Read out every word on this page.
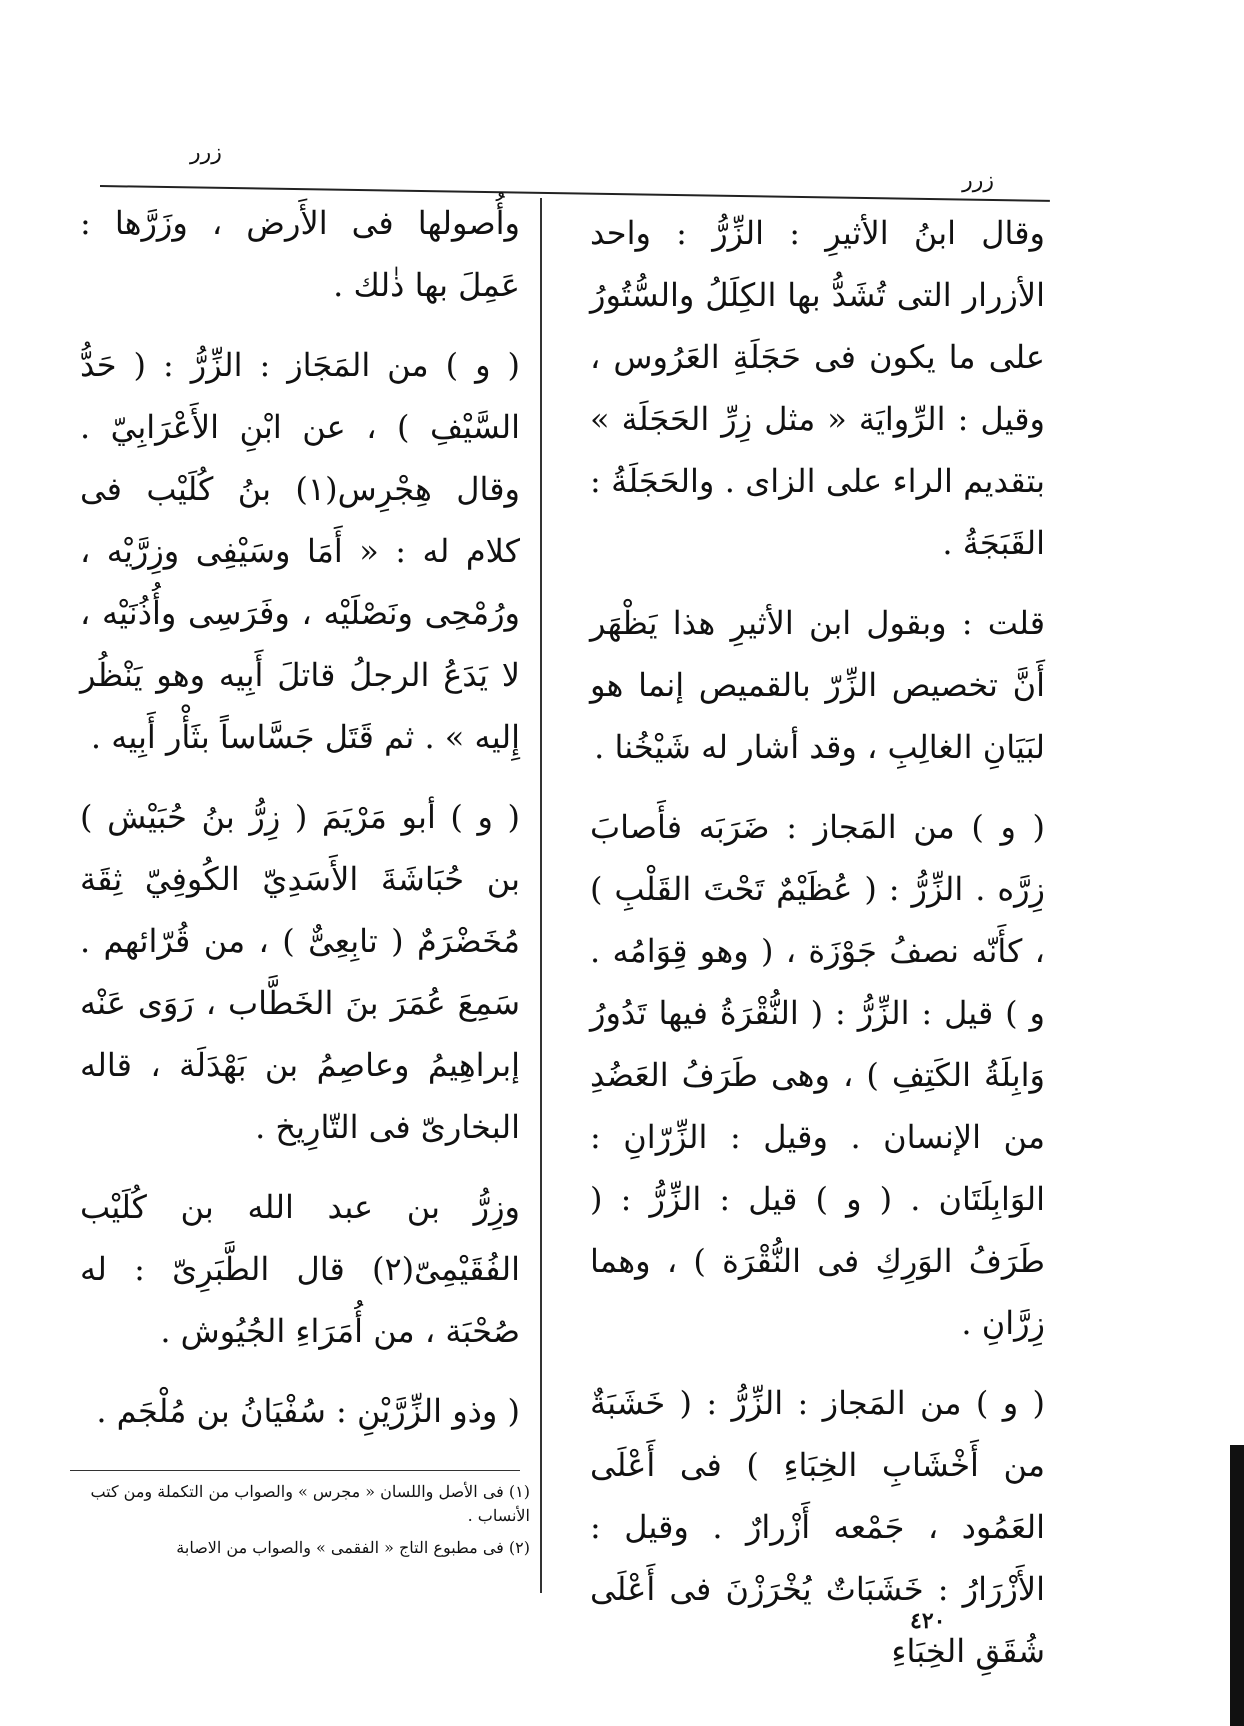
زرر
زرر

وقال ابنُ الأثيرِ : الزِّرُّ : واحد الأزرار التى تُشَدُّ بها الكِلَلُ والسُّتُورُ على ما يكون فى حَجَلَةِ العَرُوس ، وقيل : الرِّوايَة « مثل زِرِّ الحَجَلَة » بتقديم الراء على الزاى . والحَجَلَةُ : القَبَجَةُ .

قلت : وبقول ابن الأثيرِ هذا يَظْهَر أَنَّ تخصيص الزِّرّ بالقميص إنما هو لبَيَانِ الغالِبِ ، وقد أشار له شَيْخُنا .

( و ) من المَجاز : ضَرَبَه فأَصابَ زِرَّه . الزِّرُّ : ( عُظَيْمٌ تَحْتَ القَلْبِ ) ، كأَنّه نصفُ جَوْزَة ، ( وهو قِوَامُه . و ) قيل : الزِّرُّ : ( النُّقْرَةُ فيها تَدُورُ وَابِلَةُ الكَتِفِ ) ، وهى طَرَفُ العَضُدِ من الإنسان . وقيل : الزِّرّانِ : الوَابِلَتَان . ( و ) قيل : الزِّرُّ : ( طَرَفُ الوَرِكِ فى النُّقْرَة ) ، وهما زِرَّانِ .

( و ) من المَجاز : الزِّرُّ : ( خَشَبَةٌ من أَخْشَابِ الخِبَاءِ ) فى أَعْلَى العَمُود ، جَمْعه أَزْرارٌ . وقيل : الأَزْرَارُ : خَشَبَاتٌ يُخْرَزْنَ فى أَعْلَى شُقَقِ الخِبَاءِ

وأُصولها فى الأَرض ، وزَرَّها : عَمِلَ بها ذٰلك .

( و ) من المَجَاز : الزِّرُّ : ( حَدُّ السَّيْفِ ) ، عن ابْنِ الأَعْرَابِيّ . وقال هِجْرِس(١) بنُ كُلَيْب فى كلام له : « أَمَا وسَيْفِى وزِرَّيْه ، ورُمْحِى ونَصْلَيْه ، وفَرَسِى وأُذُنَيْه ، لا يَدَعُ الرجلُ قاتلَ أَبِيه وهو يَنْظُر إِليه » . ثم قَتَل جَسَّاساً بثَأْر أَبِيه .

( و ) أبو مَرْيَمَ ( زِرُّ بنُ حُبَيْش ) بن حُبَاشَةَ الأَسَدِيّ الكُوفِيّ ثِقَة مُخَضْرَمٌ ( تابِعِىٌّ ) ، من قُرّائهم . سَمِعَ عُمَرَ بنَ الخَطَّاب ، رَوَى عَنْه إبراهِيمُ وعاصِمُ بن بَهْدَلَة ، قاله البخارىّ فى التّارِيخ .

وزِرُّ بن عبد الله بن كُلَيْب الفُقَيْمِىّ(٢) قال الطَّبَرِىّ : له صُحْبَة ، من أُمَرَاءِ الجُيُوش .

( وذو الزِّرَّيْنِ : سُفْيَانُ بن مُلْجَم .

(١) فى الأصل واللسان « مجرس » والصواب من التكملة ومن كتب الأنساب .

(٢) فى مطبوع التاج « الفقمى » والصواب من الاصابة

٤٢٠
